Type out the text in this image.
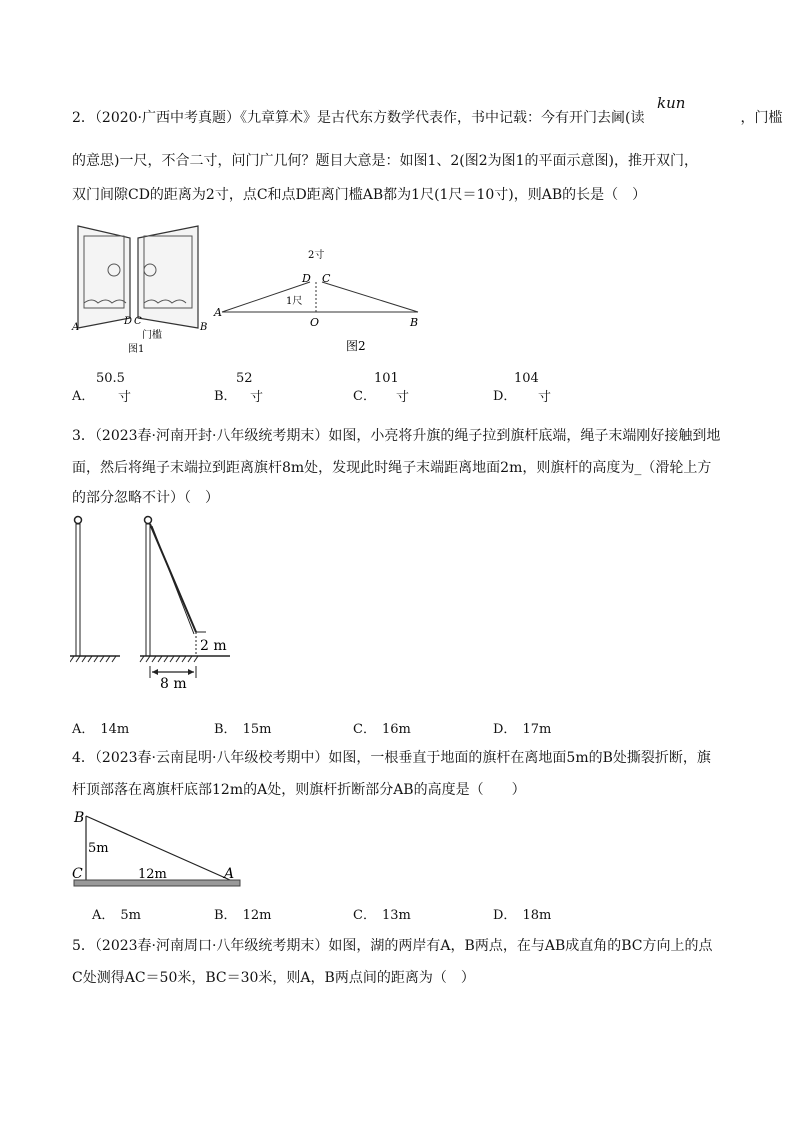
2．（2020·广西中考真题）《九章算术》是古代东方数学代表作，书中记载：今有开门去阃(读	，门槛
kun
的意思)一尺，不合二寸，问门广几何？题目大意是：如图1、2(图2为图1的平面示意图)，推开双门，
双门间隙CD的距离为2寸，点C和点D距离门槛AB都为1尺(1尺＝10寸)，则AB的长是（　）
A
D C
B
门槛
图1
2寸
D C
1尺
A
O	B
图2
A．
50.5
寸	B．
52
寸	C．
101
寸	D．
104
寸
3．（2023春·河南开封·八年级统考期末）如图，小亮将升旗的绳子拉到旗杆底端，绳子末端刚好接触到地
面，然后将绳子末端拉到距离旗杆8m处，发现此时绳子末端距离地面2m，则旗杆的高度为_（滑轮上方
的部分忽略不计）（　）
2 m
8 m
A． 14m	B． 15m	C． 16m	D． 17m
4．（2023春·云南昆明·八年级校考期中）如图，一根垂直于地面的旗杆在离地面5m的B处撕裂折断，旗
杆顶部落在离旗杆底部12m的A处，则旗杆折断部分AB的高度是（　　）
B
C	A
5m
12m
A． 5m	B． 12m	C． 13m	D． 18m
5．（2023春·河南周口·八年级统考期末）如图，湖的两岸有A，B两点，在与AB成直角的BC方向上的点
C处测得AC＝50米，BC＝30米，则A，B两点间的距离为（　）
